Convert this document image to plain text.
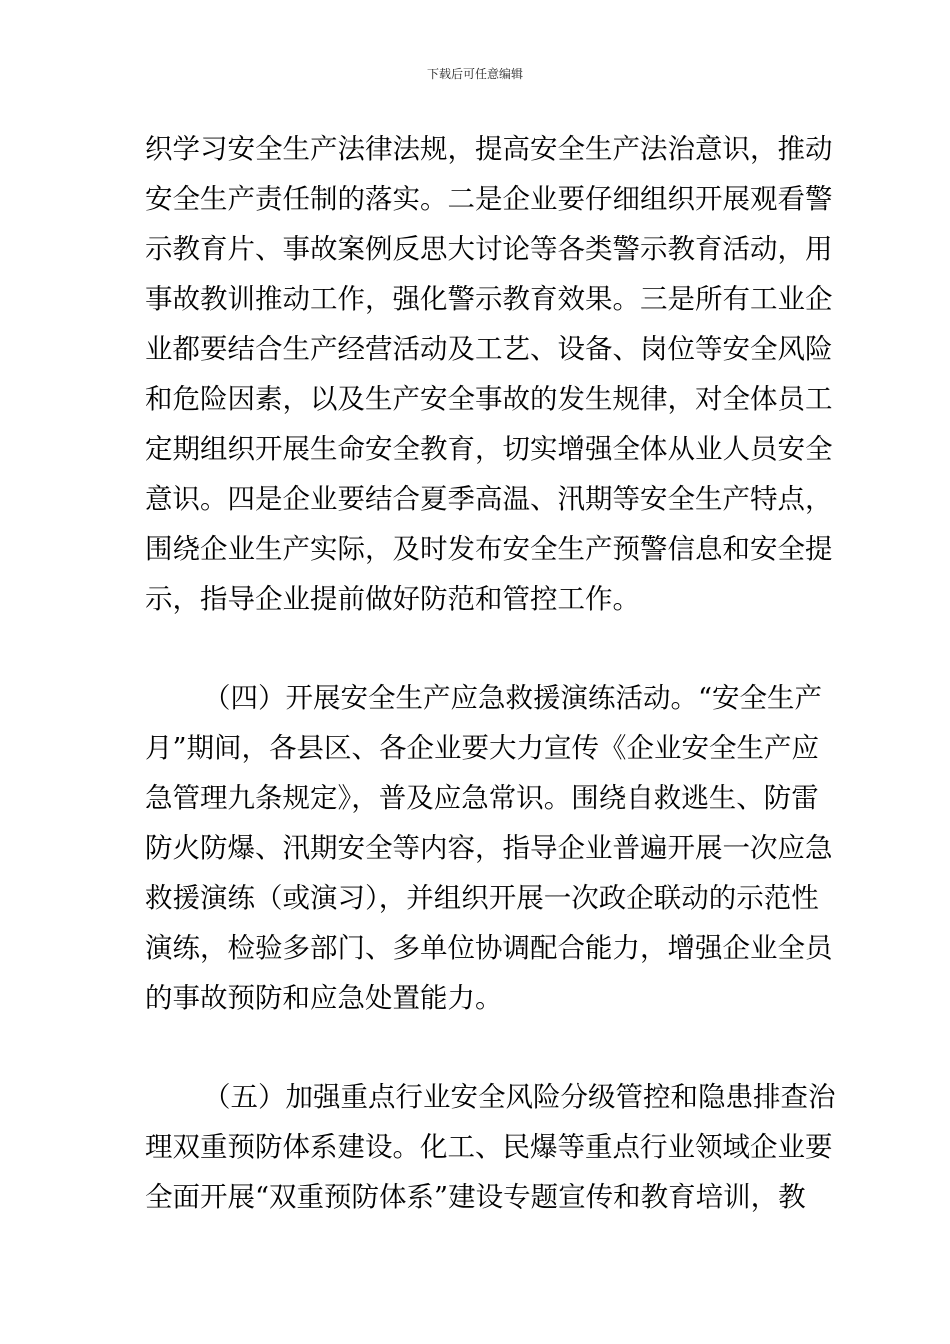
下载后可任意编辑
织学习安全生产法律法规，提高安全生产法治意识，推动
安全生产责任制的落实。二是企业要仔细组织开展观看警
示教育片、事故案例反思大讨论等各类警示教育活动，用
事故教训推动工作，强化警示教育效果。三是所有工业企
业都要结合生产经营活动及工艺、设备、岗位等安全风险
和危险因素，以及生产安全事故的发生规律，对全体员工
定期组织开展生命安全教育，切实增强全体从业人员安全
意识。四是企业要结合夏季高温、汛期等安全生产特点，
围绕企业生产实际，及时发布安全生产预警信息和安全提
示，指导企业提前做好防范和管控工作。
（四）开展安全生产应急救援演练活动。“安全生产
月”期间，各县区、各企业要大力宣传《企业安全生产应
急管理九条规定》，普及应急常识。围绕自救逃生、防雷
防火防爆、汛期安全等内容，指导企业普遍开展一次应急
救援演练（或演习），并组织开展一次政企联动的示范性
演练，检验多部门、多单位协调配合能力，增强企业全员
的事故预防和应急处置能力。
（五）加强重点行业安全风险分级管控和隐患排查治
理双重预防体系建设。化工、民爆等重点行业领域企业要
全面开展“双重预防体系”建设专题宣传和教育培训，教
